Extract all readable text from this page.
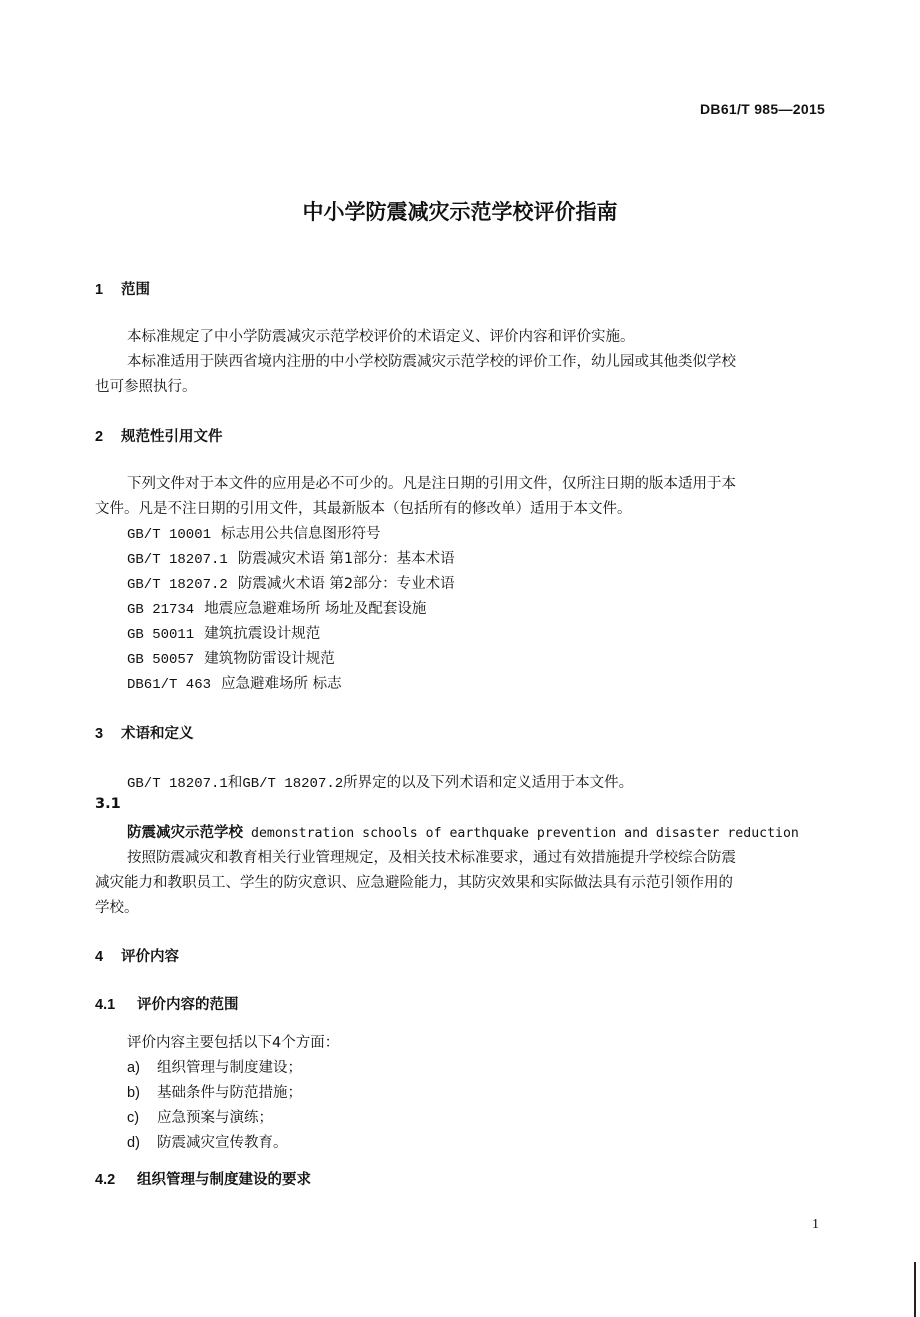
DB61/T 985—2015
中小学防震减灾示范学校评价指南
1 范围
本标准规定了中小学防震减灾示范学校评价的术语定义、评价内容和评价实施。
本标准适用于陕西省境内注册的中小学校防震减灾示范学校的评价工作，幼儿园或其他类似学校
也可参照执行。
2 规范性引用文件
下列文件对于本文件的应用是必不可少的。凡是注日期的引用文件，仅所注日期的版本适用于本
文件。凡是不注日期的引用文件，其最新版本（包括所有的修改单）适用于本文件。
GB/T 10001 标志用公共信息图形符号
GB/T 18207.1 防震减灾术语 第1部分：基本术语
GB/T 18207.2 防震减火术语 第2部分：专业术语
GB 21734 地震应急避难场所 场址及配套设施
GB 50011 建筑抗震设计规范
GB 50057 建筑物防雷设计规范
DB61/T 463 应急避难场所 标志
3 术语和定义
GB/T 18207.1和GB/T 18207.2所界定的以及下列术语和定义适用于本文件。
3.1
防震减灾示范学校 demonstration schools of earthquake prevention and disaster reduction
按照防震减灾和教育相关行业管理规定，及相关技术标准要求，通过有效措施提升学校综合防震
减灾能力和教职员工、学生的防灾意识、应急避险能力，其防灾效果和实际做法具有示范引领作用的
学校。
4 评价内容
4.1 评价内容的范围
评价内容主要包括以下4个方面：
a) 组织管理与制度建设；
b) 基础条件与防范措施；
c) 应急预案与演练；
d) 防震减灾宣传教育。
4.2 组织管理与制度建设的要求
1
